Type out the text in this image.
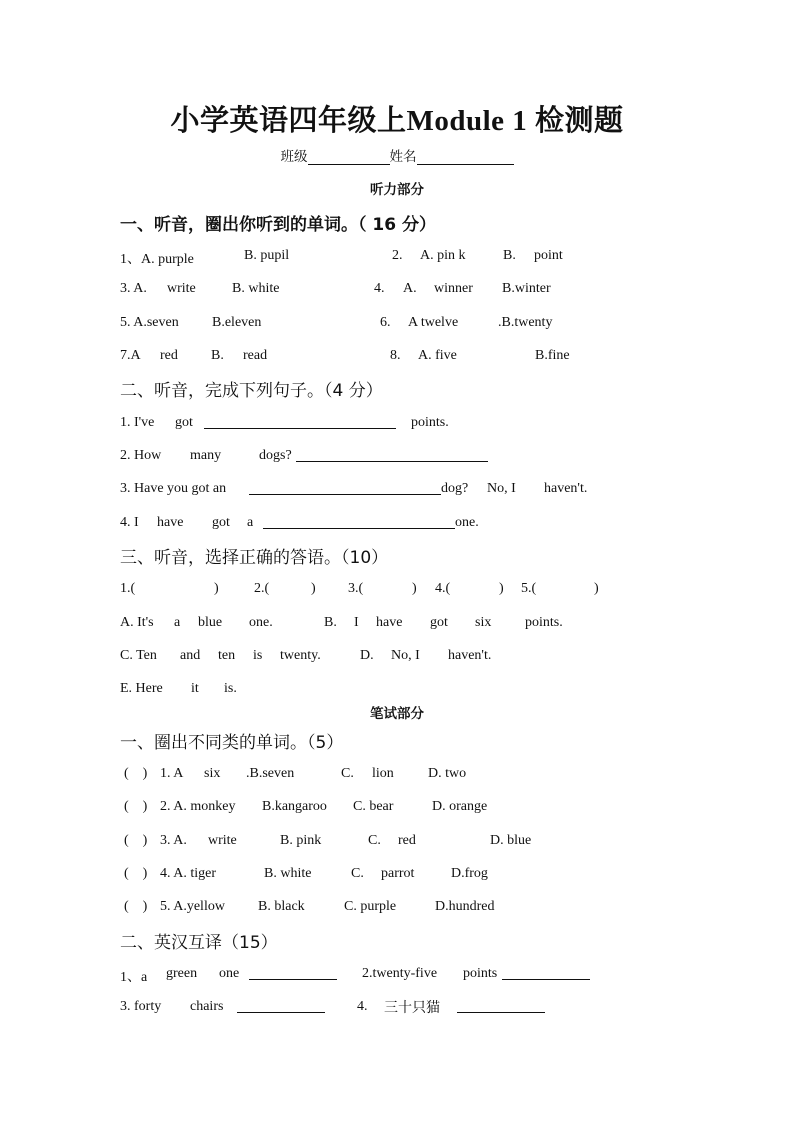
小学英语四年级上Module 1 检测题
班级	姓名
听力部分
一、听音，圈出你听到的单词。（ 16 分）
1、A. purple	B. pupil	2. A. pin k	B. point
3. A. write	B. white	4. A. winner B.winter
5. A.seven B.eleven	6. A twelve	.B.twenty
7.A red B. read	8. A. five	B.fine
二、听音，完成下列句子。（4 分）
1. I've got	points.
2. How many	dogs?
3. Have you got an	dog? No, I haven't.
4. I have got a	one.
三、听音，选择正确的答语。（10）
1.(	)	2.(	) 3.(	) 4.(	) 5.(	)
A. It's a blue one.	B. I have got six points.
C. Ten and ten is twenty.	D. No, I haven't.
E. Here it is.
笔试部分
一、圈出不同类的单词。（5）
(    ) 1. A six .B.seven	C. lion D. two
(    ) 2. A. monkey B.kangaroo C. bear	D. orange
(    ) 3. A. write	B. pink	C. red	D. blue
(    ) 4. A. tiger	B. white	C. parrot	D.frog
(    ) 5. A.yellow B. black	C. purple	D.hundred
二、英汉互译（15）
1、a green one	2.twenty-five points
3. forty chairs	4. 三十只猫
